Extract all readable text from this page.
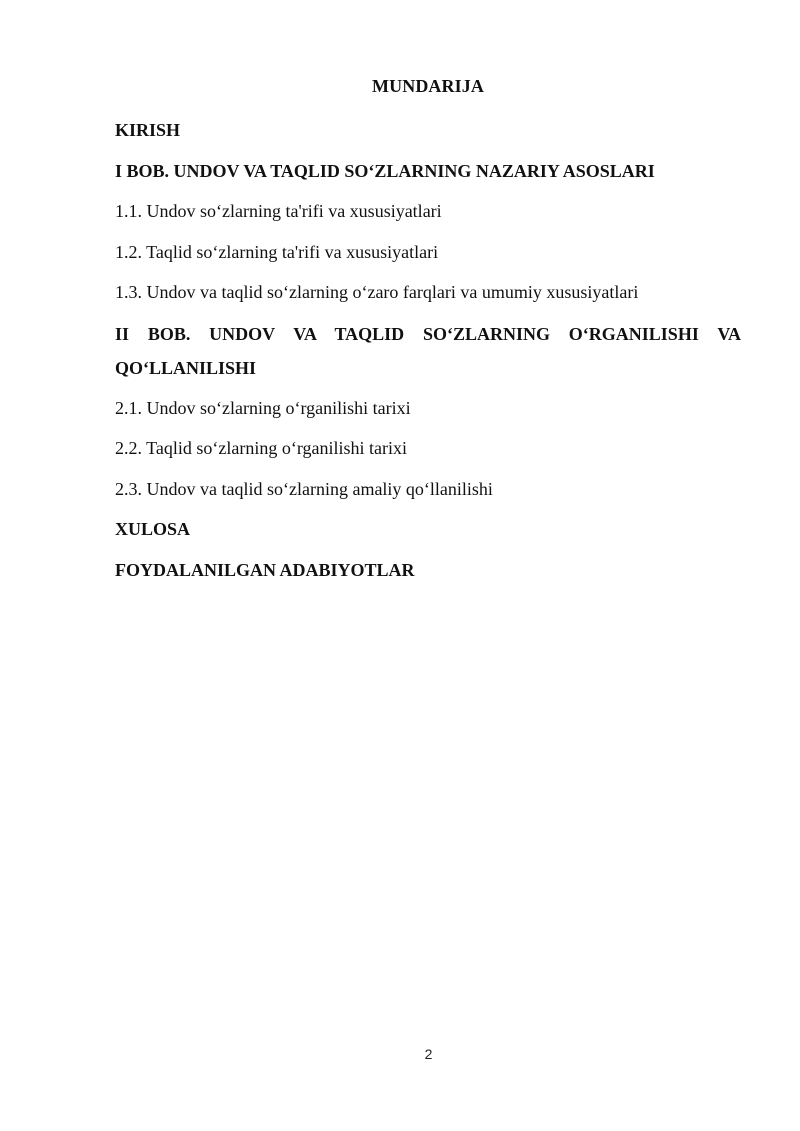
MUNDARIJA
KIRISH
I BOB. UNDOV VA TAQLID SO‘ZLARNING NAZARIY ASOSLARI
1.1. Undov so‘zlarning ta'rifi va xususiyatlari
1.2. Taqlid so‘zlarning ta'rifi va xususiyatlari
1.3. Undov va taqlid so‘zlarning o‘zaro farqlari va umumiy xususiyatlari
II BOB. UNDOV VA TAQLID SO‘ZLARNING O‘RGANILISHI VA
QO‘LLANILISHI
2.1. Undov so‘zlarning o‘rganilishi tarixi
2.2. Taqlid so‘zlarning o‘rganilishi tarixi
2.3. Undov va taqlid so‘zlarning amaliy qo‘llanilishi
XULOSA
FOYDALANILGAN ADABIYOTLAR
2
